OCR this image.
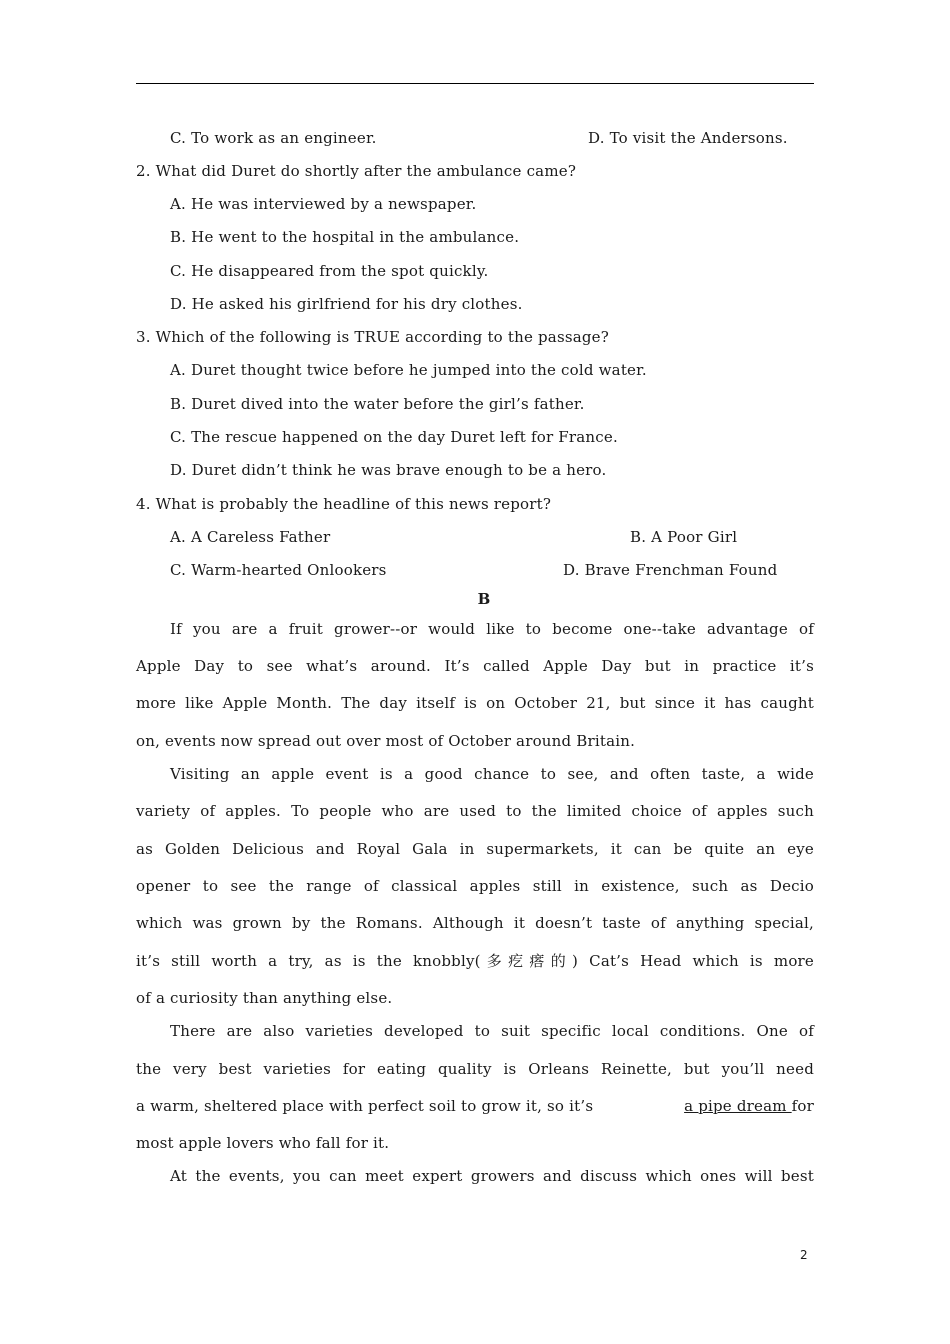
C. To work as an engineer.	D. To visit the Andersons.
2. What did Duret do shortly after the ambulance came?
A. He was interviewed by a newspaper.
B. He went to the hospital in the ambulance.
C. He disappeared from the spot quickly.
D. He asked his girlfriend for his dry clothes.
3. Which of the following is TRUE according to the passage?
A. Duret thought twice before he jumped into the cold water.
B. Duret dived into the water before the girl’s father.
C. The rescue happened on the day Duret left for France.
D. Duret didn’t think he was brave enough to be a hero.
4. What is probably the headline of this news report?
A. A Careless Father	B. A Poor Girl
C. Warm-hearted Onlookers	D. Brave Frenchman Found
B
If you are a fruit grower--or would like to become one--take advantage of
Apple Day to see what’s around. It’s called Apple Day but in practice it’s
more like Apple Month. The day itself is on October 21, but since it has caught
on, events now spread out over most of October around Britain.
Visiting an apple event is a good chance to see, and often taste, a wide
variety of apples. To people who are used to the limited choice of apples such
as Golden Delicious and Royal Gala in supermarkets, it can be quite an eye
opener to see the range of classical apples still in existence, such as Decio
which was grown by the Romans. Although it doesn’t taste of anything special,
it’s still worth a try, as is the knobbly(多疙瘩的) Cat’s Head which is more
of a curiosity than anything else.
There are also varieties developed to suit specific local conditions. One of
the very best varieties for eating quality is Orleans Reinette, but you’ll need
a warm, sheltered place with perfect soil to grow it, so it’s	a pipe dream for
most apple lovers who fall for it.
At the events, you can meet expert growers and discuss which ones will best
2
